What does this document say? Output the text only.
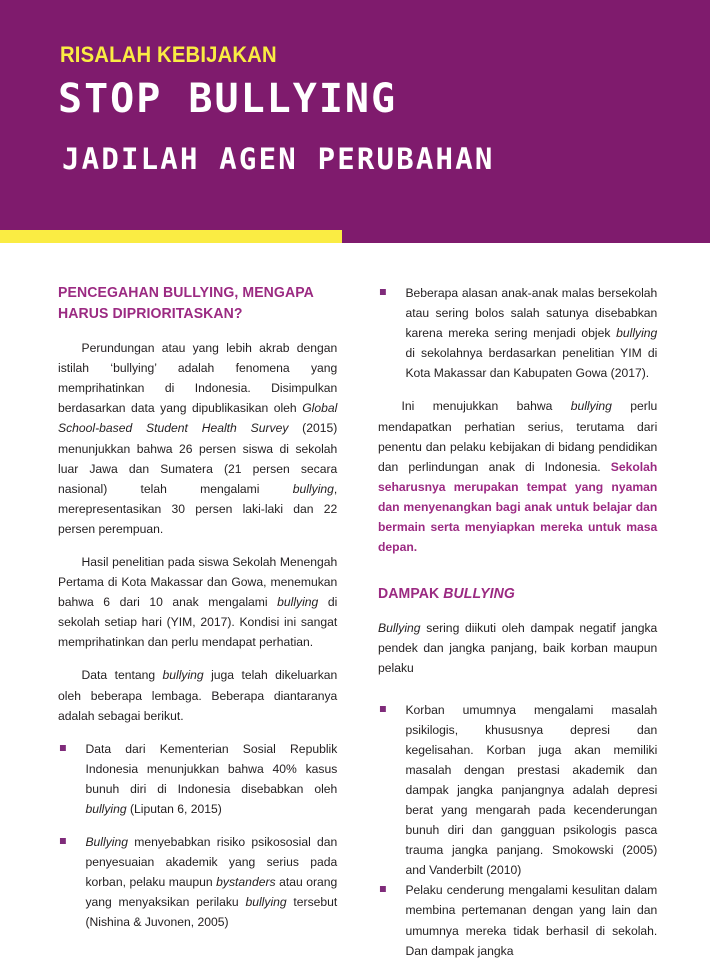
RISALAH KEBIJAKAN
STOP BULLYING
JADILAH AGEN PERUBAHAN
PENCEGAHAN BULLYING, MENGAPA HARUS DIPRIORITASKAN?

Perundungan atau yang lebih akrab dengan istilah ‘bullying’ adalah fenomena yang memprihatinkan di Indonesia. Disimpulkan berdasarkan data yang dipublikasikan oleh Global School-based Student Health Survey (2015) menunjukkan bahwa 26 persen siswa di sekolah luar Jawa dan Sumatera (21 persen secara nasional) telah mengalami bullying, merepresentasikan 30 persen laki-laki dan 22 persen perempuan.

Hasil penelitian pada siswa Sekolah Menengah Pertama di Kota Makassar dan Gowa, menemukan bahwa 6 dari 10 anak mengalami bullying di sekolah setiap hari (YIM, 2017). Kondisi ini sangat memprihatinkan dan perlu mendapat perhatian.

Data tentang bullying juga telah dikeluarkan oleh beberapa lembaga. Beberapa diantaranya adalah sebagai berikut.

Data dari Kementerian Sosial Republik Indonesia menunjukkan bahwa 40% kasus bunuh diri di Indonesia disebabkan oleh bullying (Liputan 6, 2015)
Bullying menyebabkan risiko psikososial dan penyesuaian akademik yang serius pada korban, pelaku maupun bystanders atau orang yang menyaksikan perilaku bullying tersebut (Nishina & Juvonen, 2005)
Beberapa alasan anak-anak malas bersekolah atau sering bolos salah satunya disebabkan karena mereka sering menjadi objek bullying di sekolahnya berdasarkan penelitian YIM di Kota Makassar dan Kabupaten Gowa (2017).

Ini menujukkan bahwa bullying perlu mendapatkan perhatian serius, terutama dari penentu dan pelaku kebijakan di bidang pendidikan dan perlindungan anak di Indonesia. Sekolah seharusnya merupakan tempat yang nyaman dan menyenangkan bagi anak untuk belajar dan bermain serta menyiapkan mereka untuk masa depan.

DAMPAK BULLYING

Bullying sering diikuti oleh dampak negatif jangka pendek dan jangka panjang, baik korban maupun pelaku

Korban umumnya mengalami masalah psikilogis, khususnya depresi dan kegelisahan. Korban juga akan memiliki masalah dengan prestasi akademik dan dampak jangka panjangnya adalah depresi berat yang mengarah pada kecenderungan bunuh diri dan gangguan psikologis pasca trauma jangka panjang. Smokowski (2005) and Vanderbilt (2010)
Pelaku cenderung mengalami kesulitan dalam membina pertemanan dengan yang lain dan umumnya mereka tidak berhasil di sekolah. Dan dampak jangka
